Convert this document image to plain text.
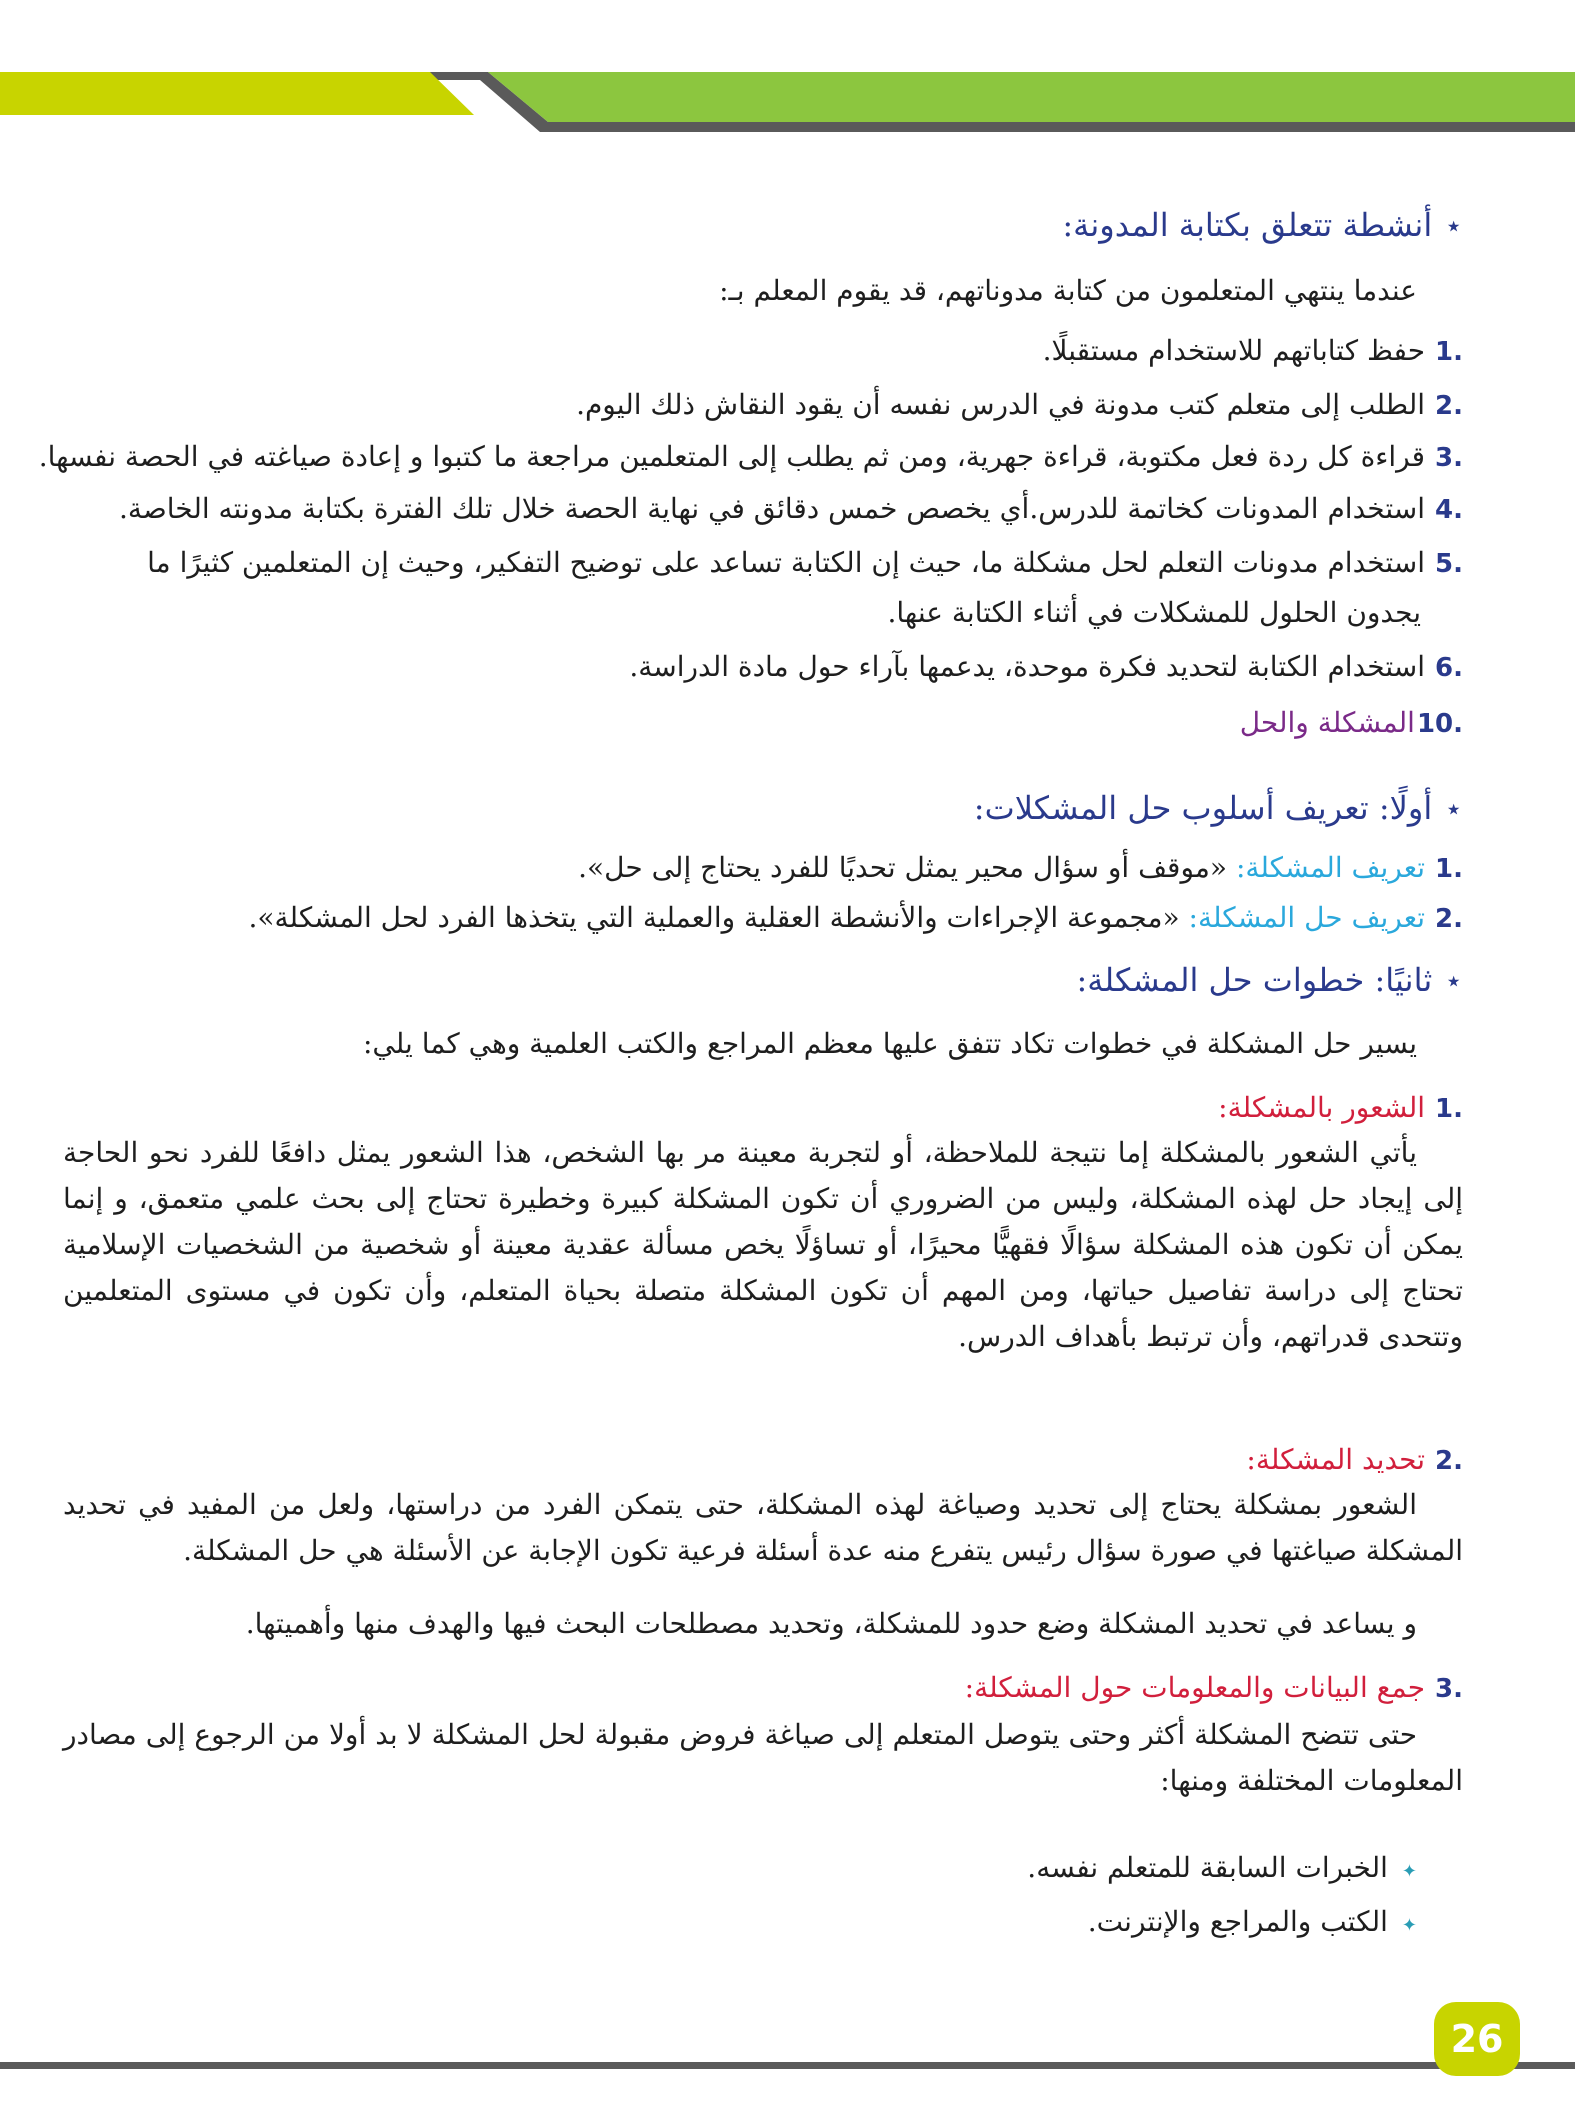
⋆أنشطة تتعلق بكتابة المدونة:
عندما ينتهي المتعلمون من كتابة مدوناتهم، قد يقوم المعلم بـ:
1.حفظ كتاباتهم للاستخدام مستقبلًا.
2.الطلب إلى متعلم كتب مدونة في الدرس نفسه أن يقود النقاش ذلك اليوم.
3.قراءة كل ردة فعل مكتوبة، قراءة جهرية، ومن ثم يطلب إلى المتعلمين مراجعة ما كتبوا و إعادة صياغته في الحصة نفسها.
4.استخدام المدونات كخاتمة للدرس.أي يخصص خمس دقائق في نهاية الحصة خلال تلك الفترة بكتابة مدونته الخاصة.
5.استخدام مدونات التعلم لحل مشكلة ما، حيث إن الكتابة تساعد على توضيح التفكير، وحيث إن المتعلمين كثيرًا ما
يجدون الحلول للمشكلات في أثناء الكتابة عنها.
6.استخدام الكتابة لتحديد فكرة موحدة، يدعمها بآراء حول مادة الدراسة.
10.المشكلة والحل
⋆أولًا: تعريف أسلوب حل المشكلات:
1.تعريف المشكلة: «موقف أو سؤال محير يمثل تحديًا للفرد يحتاج إلى حل».
2.تعريف حل المشكلة: «مجموعة الإجراءات والأنشطة العقلية والعملية التي يتخذها الفرد لحل المشكلة».
⋆ثانيًا: خطوات حل المشكلة:
يسير حل المشكلة في خطوات تكاد تتفق عليها معظم المراجع والكتب العلمية وهي كما يلي:
1.الشعور بالمشكلة:
يأتي الشعور بالمشكلة إما نتيجة للملاحظة، أو لتجربة معينة مر بها الشخص، هذا الشعور يمثل دافعًا للفرد نحو الحاجة إلى إيجاد حل لهذه المشكلة، وليس من الضروري أن تكون المشكلة كبيرة وخطيرة تحتاج إلى بحث علمي متعمق، و إنما يمكن أن تكون هذه المشكلة سؤالًا فقهيًّا محيرًا، أو تساؤلًا يخص مسألة عقدية معينة أو شخصية من الشخصيات الإسلامية تحتاج إلى دراسة تفاصيل حياتها، ومن المهم أن تكون المشكلة متصلة بحياة المتعلم، وأن تكون في مستوى المتعلمين وتتحدى قدراتهم، وأن ترتبط بأهداف الدرس.
2.تحديد المشكلة:
الشعور بمشكلة يحتاج إلى تحديد وصياغة لهذه المشكلة، حتى يتمكن الفرد من دراستها، ولعل من المفيد في تحديد المشكلة صياغتها في صورة سؤال رئيس يتفرع منه عدة أسئلة فرعية تكون الإجابة عن الأسئلة هي حل المشكلة.
و يساعد في تحديد المشكلة وضع حدود للمشكلة، وتحديد مصطلحات البحث فيها والهدف منها وأهميتها.
3.جمع البيانات والمعلومات حول المشكلة:
حتى تتضح المشكلة أكثر وحتى يتوصل المتعلم إلى صياغة فروض مقبولة لحل المشكلة لا بد أولا من الرجوع إلى مصادر المعلومات المختلفة ومنها:
✦الخبرات السابقة للمتعلم نفسه.
✦الكتب والمراجع والإنترنت.
26
